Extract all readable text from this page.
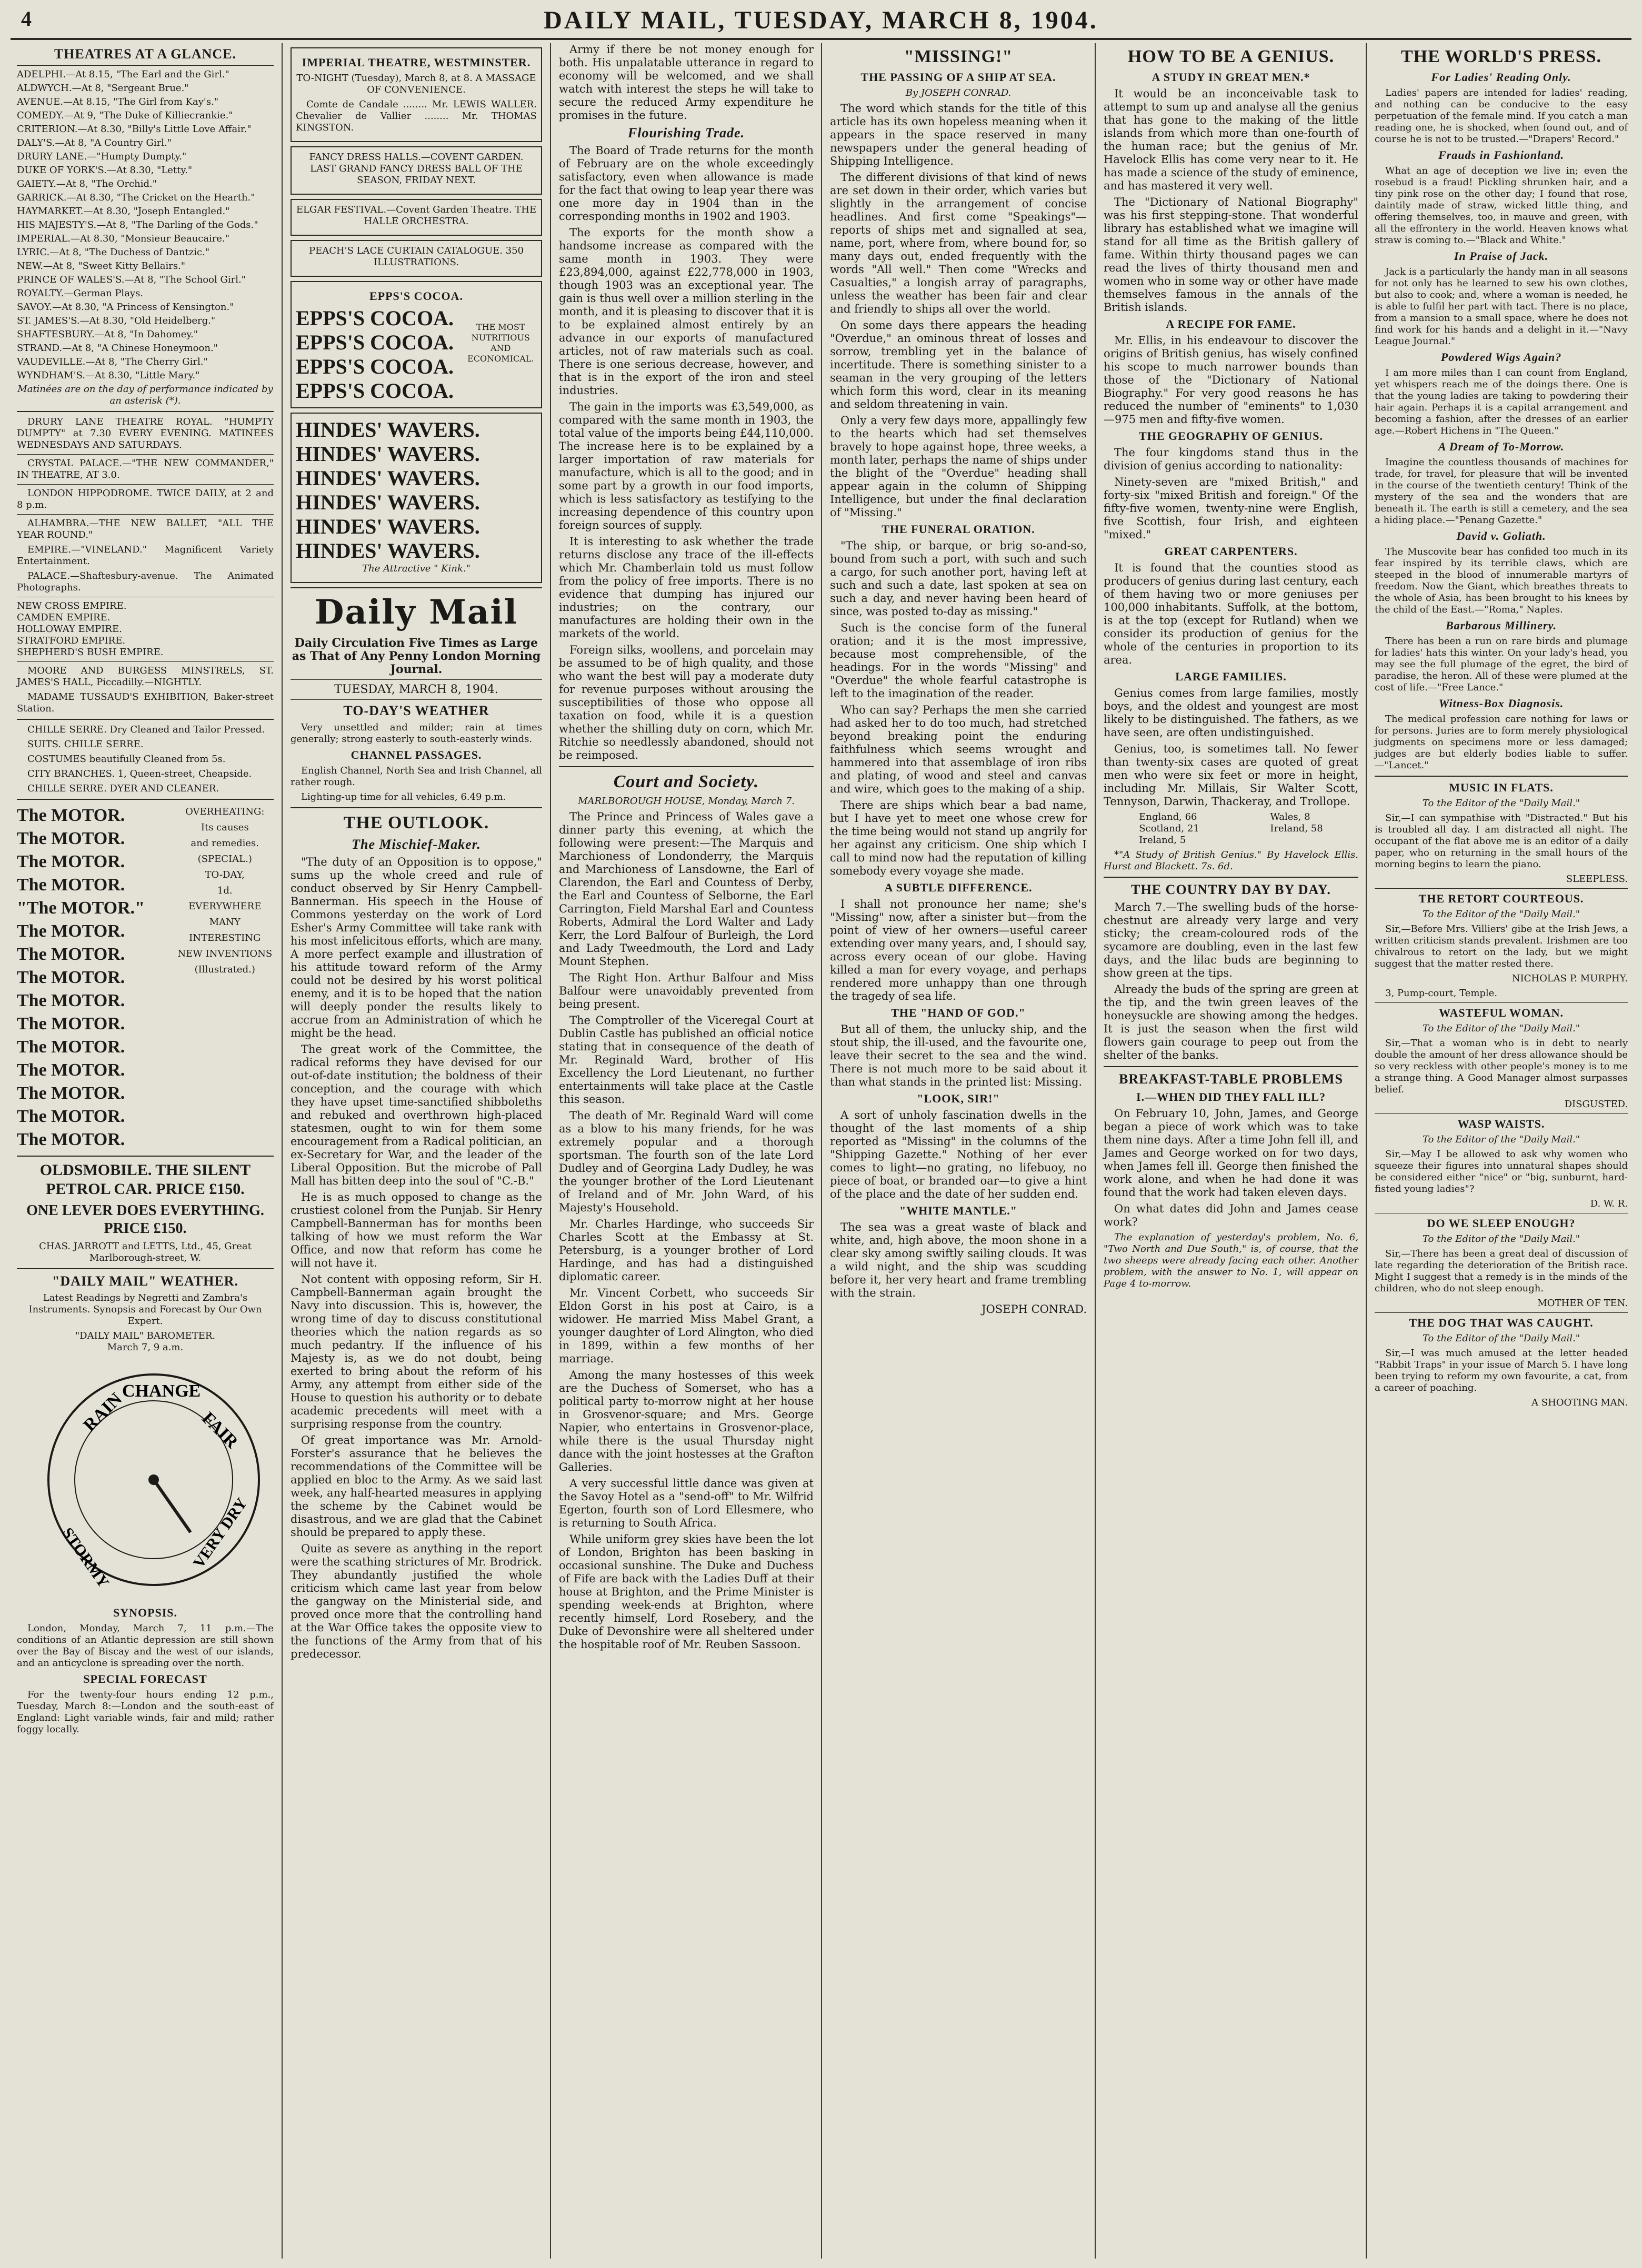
4	DAILY MAIL, TUESDAY, MARCH 8, 1904.
THEATRES AT A GLANCE.
ADELPHI.—At 8.15, "The Earl and the Girl."
ALDWYCH.—At 8, "Sergeant Brue."
AVENUE.—At 8.15, "The Girl from Kay's."
COMEDY.—At 9, "The Duke of Killiecrankie."
CRITERION.—At 8.30, "Billy's Little Love Affair."
DALY'S.—At 8, "A Country Girl."
DRURY LANE.—"Humpty Dumpty."
DUKE OF YORK'S.—At 8.30, "Letty."
GAIETY.—At 8, "The Orchid."
GARRICK.—At 8.30, "The Cricket on the Hearth."
HAYMARKET.—At 8.30, "Joseph Entangled."
HIS MAJESTY'S.—At 8, "The Darling of the Gods."
IMPERIAL.—At 8.30, "Monsieur Beaucaire."
LYRIC.—At 8, "The Duchess of Dantzic."
NEW.—At 8, "Sweet Kitty Bellairs."
PRINCE OF WALES'S.—At 8, "The School Girl."
ROYALTY.—German Plays.
SAVOY.—At 8.30, "A Princess of Kensington."
ST. JAMES'S.—At 8.30, "Old Heidelberg."
SHAFTESBURY.—At 8, "In Dahomey."
STRAND.—At 8, "A Chinese Honeymoon."
VAUDEVILLE.—At 8, "The Cherry Girl."
WYNDHAM'S.—At 8.30, "Little Mary."

Matinées are on the day of performance indicated by an asterisk (*).

DRURY LANE THEATRE ROYAL. "HUMPTY DUMPTY" at 7.30 EVERY EVENING. MATINEES WEDNESDAYS AND SATURDAYS.

CRYSTAL PALACE.—"THE NEW COMMANDER," IN THEATRE, AT 3.0.

LONDON HIPPODROME. TWICE DAILY, at 2 and 8 p.m.

ALHAMBRA.—THE NEW BALLET, "ALL THE YEAR ROUND."

EMPIRE.—"VINELAND." Magnificent Variety Entertainment.

PALACE.—Shaftesbury-avenue. The Animated Photographs.

NEW CROSS EMPIRE.
CAMDEN EMPIRE.
HOLLOWAY EMPIRE.
STRATFORD EMPIRE.
SHEPHERD'S BUSH EMPIRE.

MOORE AND BURGESS MINSTRELS, ST. JAMES'S HALL, Piccadilly.—NIGHTLY.

MADAME TUSSAUD'S EXHIBITION, Baker-street Station.

CHILLE SERRE. Dry Cleaned and Tailor Pressed.

SUITS. CHILLE SERRE.

COSTUMES beautifully Cleaned from 5s.

CITY BRANCHES. 1, Queen-street, Cheapside.

CHILLE SERRE. DYER AND CLEANER.

The MOTOR.
The MOTOR.
The MOTOR.
The MOTOR.
"The MOTOR."
The MOTOR.
The MOTOR.
The MOTOR.
The MOTOR.
The MOTOR.
The MOTOR.
The MOTOR.
The MOTOR.
The MOTOR.
The MOTOR.
OVERHEATING:
Its causes
and remedies.
(SPECIAL.)
TO-DAY,
1d.
EVERYWHERE
MANY
INTERESTING
NEW INVENTIONS
(Illustrated.)

OLDSMOBILE. THE SILENT PETROL CAR. PRICE £150.

ONE LEVER DOES EVERYTHING. PRICE £150.

CHAS. JARROTT and LETTS, Ltd., 45, Great Marlborough-street, W.

"DAILY MAIL" WEATHER.

Latest Readings by Negretti and Zambra's Instruments. Synopsis and Forecast by Our Own Expert.

"DAILY MAIL" BAROMETER.
March 7, 9 a.m.
RAIN
CHANGE
FAIR
STORMY	VERY DRY
SYNOPSIS.

London, Monday, March 7, 11 p.m.—The conditions of an Atlantic depression are still shown over the Bay of Biscay and the west of our islands, and an anticyclone is spreading over the north.

SPECIAL FORECAST

For the twenty-four hours ending 12 p.m., Tuesday, March 8:—London and the south-east of England: Light variable winds, fair and mild; rather foggy locally.

IMPERIAL THEATRE, WESTMINSTER.

TO-NIGHT (Tuesday), March 8, at 8. A MASSAGE OF CONVENIENCE.

Comte de Candale ........ Mr. LEWIS WALLER. Chevalier de Vallier ........ Mr. THOMAS KINGSTON.

FANCY DRESS HALLS.—COVENT GARDEN. LAST GRAND FANCY DRESS BALL OF THE SEASON, FRIDAY NEXT.

ELGAR FESTIVAL.—Covent Garden Theatre. THE HALLE ORCHESTRA.

PEACH'S LACE CURTAIN CATALOGUE. 350 ILLUSTRATIONS.

EPPS'S COCOA.
EPPS'S COCOA.
EPPS'S COCOA.
EPPS'S COCOA.
EPPS'S COCOA.
THE MOST NUTRITIOUS AND ECONOMICAL.
HINDES' WAVERS.
HINDES' WAVERS.
HINDES' WAVERS.
HINDES' WAVERS.
HINDES' WAVERS.
HINDES' WAVERS.

The Attractive " Kink."

Daily Mail

Daily Circulation Five Times as Large as That of Any Penny London Morning Journal.

TUESDAY, MARCH 8, 1904.

TO-DAY'S WEATHER

Very unsettled and milder; rain at times generally; strong easterly to south-easterly winds.

CHANNEL PASSAGES.

English Channel, North Sea and Irish Channel, all rather rough.

Lighting-up time for all vehicles, 6.49 p.m.

THE OUTLOOK.
The Mischief-Maker.

"The duty of an Opposition is to oppose," sums up the whole creed and rule of conduct observed by Sir Henry Campbell-Bannerman. His speech in the House of Commons yesterday on the work of Lord Esher's Army Committee will take rank with his most infelicitous efforts, which are many. A more perfect example and illustration of his attitude toward reform of the Army could not be desired by his worst political enemy, and it is to be hoped that the nation will deeply ponder the results likely to accrue from an Administration of which he might be the head.

The great work of the Committee, the radical reforms they have devised for our out-of-date institution; the boldness of their conception, and the courage with which they have upset time-sanctified shibboleths and rebuked and overthrown high-placed statesmen, ought to win for them some encouragement from a Radical politician, an ex-Secretary for War, and the leader of the Liberal Opposition. But the microbe of Pall Mall has bitten deep into the soul of "C.-B."

He is as much opposed to change as the crustiest colonel from the Punjab. Sir Henry Campbell-Bannerman has for months been talking of how we must reform the War Office, and now that reform has come he will not have it.

Not content with opposing reform, Sir H. Campbell-Bannerman again brought the Navy into discussion. This is, however, the wrong time of day to discuss constitutional theories which the nation regards as so much pedantry. If the influence of his Majesty is, as we do not doubt, being exerted to bring about the reform of his Army, any attempt from either side of the House to question his authority or to debate academic precedents will meet with a surprising response from the country.

Of great importance was Mr. Arnold-Forster's assurance that he believes the recommendations of the Committee will be applied en bloc to the Army. As we said last week, any half-hearted measures in applying the scheme by the Cabinet would be disastrous, and we are glad that the Cabinet should be prepared to apply these.

Quite as severe as anything in the report were the scathing strictures of Mr. Brodrick. They abundantly justified the whole criticism which came last year from below the gangway on the Ministerial side, and proved once more that the controlling hand at the War Office takes the opposite view to the functions of the Army from that of his predecessor.

Army if there be not money enough for both. His unpalatable utterance in regard to economy will be welcomed, and we shall watch with interest the steps he will take to secure the reduced Army expenditure he promises in the future.

Flourishing Trade.

The Board of Trade returns for the month of February are on the whole exceedingly satisfactory, even when allowance is made for the fact that owing to leap year there was one more day in 1904 than in the corresponding months in 1902 and 1903.

The exports for the month show a handsome increase as compared with the same month in 1903. They were £23,894,000, against £22,778,000 in 1903, though 1903 was an exceptional year. The gain is thus well over a million sterling in the month, and it is pleasing to discover that it is to be explained almost entirely by an advance in our exports of manufactured articles, not of raw materials such as coal. There is one serious decrease, however, and that is in the export of the iron and steel industries.

The gain in the imports was £3,549,000, as compared with the same month in 1903, the total value of the imports being £44,110,000. The increase here is to be explained by a larger importation of raw materials for manufacture, which is all to the good; and in some part by a growth in our food imports, which is less satisfactory as testifying to the increasing dependence of this country upon foreign sources of supply.

It is interesting to ask whether the trade returns disclose any trace of the ill-effects which Mr. Chamberlain told us must follow from the policy of free imports. There is no evidence that dumping has injured our industries; on the contrary, our manufactures are holding their own in the markets of the world.

Foreign silks, woollens, and porcelain may be assumed to be of high quality, and those who want the best will pay a moderate duty for revenue purposes without arousing the susceptibilities of those who oppose all taxation on food, while it is a question whether the shilling duty on corn, which Mr. Ritchie so needlessly abandoned, should not be reimposed.

Court and Society.

MARLBOROUGH HOUSE, Monday, March 7.

The Prince and Princess of Wales gave a dinner party this evening, at which the following were present:—The Marquis and Marchioness of Londonderry, the Marquis and Marchioness of Lansdowne, the Earl of Clarendon, the Earl and Countess of Derby, the Earl and Countess of Selborne, the Earl Carrington, Field Marshal Earl and Countess Roberts, Admiral the Lord Walter and Lady Kerr, the Lord Balfour of Burleigh, the Lord and Lady Tweedmouth, the Lord and Lady Mount Stephen.

The Right Hon. Arthur Balfour and Miss Balfour were unavoidably prevented from being present.

The Comptroller of the Viceregal Court at Dublin Castle has published an official notice stating that in consequence of the death of Mr. Reginald Ward, brother of His Excellency the Lord Lieutenant, no further entertainments will take place at the Castle this season.

The death of Mr. Reginald Ward will come as a blow to his many friends, for he was extremely popular and a thorough sportsman. The fourth son of the late Lord Dudley and of Georgina Lady Dudley, he was the younger brother of the Lord Lieutenant of Ireland and of Mr. John Ward, of his Majesty's Household.

Mr. Charles Hardinge, who succeeds Sir Charles Scott at the Embassy at St. Petersburg, is a younger brother of Lord Hardinge, and has had a distinguished diplomatic career.

Mr. Vincent Corbett, who succeeds Sir Eldon Gorst in his post at Cairo, is a widower. He married Miss Mabel Grant, a younger daughter of Lord Alington, who died in 1899, within a few months of her marriage.

Among the many hostesses of this week are the Duchess of Somerset, who has a political party to-morrow night at her house in Grosvenor-square; and Mrs. George Napier, who entertains in Grosvenor-place, while there is the usual Thursday night dance with the joint hostesses at the Grafton Galleries.

A very successful little dance was given at the Savoy Hotel as a "send-off" to Mr. Wilfrid Egerton, fourth son of Lord Ellesmere, who is returning to South Africa.

While uniform grey skies have been the lot of London, Brighton has been basking in occasional sunshine. The Duke and Duchess of Fife are back with the Ladies Duff at their house at Brighton, and the Prime Minister is spending week-ends at Brighton, where recently himself, Lord Rosebery, and the Duke of Devonshire were all sheltered under the hospitable roof of Mr. Reuben Sassoon.

"MISSING!"
THE PASSING OF A SHIP AT SEA.

By JOSEPH CONRAD.

The word which stands for the title of this article has its own hopeless meaning when it appears in the space reserved in many newspapers under the general heading of Shipping Intelligence.

The different divisions of that kind of news are set down in their order, which varies but slightly in the arrangement of concise headlines. And first come "Speakings"—reports of ships met and signalled at sea, name, port, where from, where bound for, so many days out, ended frequently with the words "All well." Then come "Wrecks and Casualties," a longish array of paragraphs, unless the weather has been fair and clear and friendly to ships all over the world.

On some days there appears the heading "Overdue," an ominous threat of losses and sorrow, trembling yet in the balance of incertitude. There is something sinister to a seaman in the very grouping of the letters which form this word, clear in its meaning and seldom threatening in vain.

Only a very few days more, appallingly few to the hearts which had set themselves bravely to hope against hope, three weeks, a month later, perhaps the name of ships under the blight of the "Overdue" heading shall appear again in the column of Shipping Intelligence, but under the final declaration of "Missing."

THE FUNERAL ORATION.

"The ship, or barque, or brig so-and-so, bound from such a port, with such and such a cargo, for such another port, having left at such and such a date, last spoken at sea on such a day, and never having been heard of since, was posted to-day as missing."

Such is the concise form of the funeral oration; and it is the most impressive, because most comprehensible, of the headings. For in the words "Missing" and "Overdue" the whole fearful catastrophe is left to the imagination of the reader.

Who can say? Perhaps the men she carried had asked her to do too much, had stretched beyond breaking point the enduring faithfulness which seems wrought and hammered into that assemblage of iron ribs and plating, of wood and steel and canvas and wire, which goes to the making of a ship.

There are ships which bear a bad name, but I have yet to meet one whose crew for the time being would not stand up angrily for her against any criticism. One ship which I call to mind now had the reputation of killing somebody every voyage she made.

A SUBTLE DIFFERENCE.

I shall not pronounce her name; she's "Missing" now, after a sinister but—from the point of view of her owners—useful career extending over many years, and, I should say, across every ocean of our globe. Having killed a man for every voyage, and perhaps rendered more unhappy than one through the tragedy of sea life.

THE "HAND OF GOD."

But all of them, the unlucky ship, and the stout ship, the ill-used, and the favourite one, leave their secret to the sea and the wind. There is not much more to be said about it than what stands in the printed list: Missing.

"LOOK, SIR!"

A sort of unholy fascination dwells in the thought of the last moments of a ship reported as "Missing" in the columns of the "Shipping Gazette." Nothing of her ever comes to light—no grating, no lifebuoy, no piece of boat, or branded oar—to give a hint of the place and the date of her sudden end.

"WHITE MANTLE."

The sea was a great waste of black and white, and, high above, the moon shone in a clear sky among swiftly sailing clouds. It was a wild night, and the ship was scudding before it, her very heart and frame trembling with the strain.

JOSEPH CONRAD.

HOW TO BE A GENIUS.
A STUDY IN GREAT MEN.*

It would be an inconceivable task to attempt to sum up and analyse all the genius that has gone to the making of the little islands from which more than one-fourth of the human race; but the genius of Mr. Havelock Ellis has come very near to it. He has made a science of the study of eminence, and has mastered it very well.

The "Dictionary of National Biography" was his first stepping-stone. That wonderful library has established what we imagine will stand for all time as the British gallery of fame. Within thirty thousand pages we can read the lives of thirty thousand men and women who in some way or other have made themselves famous in the annals of the British islands.

A RECIPE FOR FAME.

Mr. Ellis, in his endeavour to discover the origins of British genius, has wisely confined his scope to much narrower bounds than those of the "Dictionary of National Biography." For very good reasons he has reduced the number of "eminents" to 1,030—975 men and fifty-five women.

THE GEOGRAPHY OF GENIUS.

The four kingdoms stand thus in the division of genius according to nationality:

Ninety-seven are "mixed British," and forty-six "mixed British and foreign." Of the fifty-five women, twenty-nine were English, five Scottish, four Irish, and eighteen "mixed."

GREAT CARPENTERS.

It is found that the counties stood as producers of genius during last century, each of them having two or more geniuses per 100,000 inhabitants. Suffolk, at the bottom, is at the top (except for Rutland) when we consider its production of genius for the whole of the centuries in proportion to its area.

LARGE FAMILIES.

Genius comes from large families, mostly boys, and the oldest and youngest are most likely to be distinguished. The fathers, as we have seen, are often undistinguished.

Genius, too, is sometimes tall. No fewer than twenty-six cases are quoted of great men who were six feet or more in height, including Mr. Millais, Sir Walter Scott, Tennyson, Darwin, Thackeray, and Trollope.

England, 66
Scotland, 21
Ireland, 5
Wales, 8
Ireland, 58

*"A Study of British Genius." By Havelock Ellis. Hurst and Blackett. 7s. 6d.

THE COUNTRY DAY BY DAY.

March 7.—The swelling buds of the horse-chestnut are already very large and very sticky; the cream-coloured rods of the sycamore are doubling, even in the last few days, and the lilac buds are beginning to show green at the tips.

Already the buds of the spring are green at the tip, and the twin green leaves of the honeysuckle are showing among the hedges. It is just the season when the first wild flowers gain courage to peep out from the shelter of the banks.

BREAKFAST-TABLE PROBLEMS
I.—WHEN DID THEY FALL ILL?

On February 10, John, James, and George began a piece of work which was to take them nine days. After a time John fell ill, and James and George worked on for two days, when James fell ill. George then finished the work alone, and when he had done it was found that the work had taken eleven days.

On what dates did John and James cease work?

The explanation of yesterday's problem, No. 6, "Two North and Due South," is, of course, that the two sheeps were already facing each other. Another problem, with the answer to No. 1, will appear on Page 4 to-morrow.

THE WORLD'S PRESS.
For Ladies' Reading Only.

Ladies' papers are intended for ladies' reading, and nothing can be conducive to the easy perpetuation of the female mind. If you catch a man reading one, he is shocked, when found out, and of course he is not to be trusted.—"Drapers' Record."

Frauds in Fashionland.

What an age of deception we live in; even the rosebud is a fraud! Pickling shrunken hair, and a tiny pink rose on the other day; I found that rose, daintily made of straw, wicked little thing, and offering themselves, too, in mauve and green, with all the effrontery in the world. Heaven knows what straw is coming to.—"Black and White."

In Praise of Jack.

Jack is a particularly the handy man in all seasons for not only has he learned to sew his own clothes, but also to cook; and, where a woman is needed, he is able to fulfil her part with tact. There is no place, from a mansion to a small space, where he does not find work for his hands and a delight in it.—"Navy League Journal."

Powdered Wigs Again?

I am more miles than I can count from England, yet whispers reach me of the doings there. One is that the young ladies are taking to powdering their hair again. Perhaps it is a capital arrangement and becoming a fashion, after the dresses of an earlier age.—Robert Hichens in "The Queen."

A Dream of To-Morrow.

Imagine the countless thousands of machines for trade, for travel, for pleasure that will be invented in the course of the twentieth century! Think of the mystery of the sea and the wonders that are beneath it. The earth is still a cemetery, and the sea a hiding place.—"Penang Gazette."

David v. Goliath.

The Muscovite bear has confided too much in its fear inspired by its terrible claws, which are steeped in the blood of innumerable martyrs of freedom. Now the Giant, which breathes threats to the whole of Asia, has been brought to his knees by the child of the East.—"Roma," Naples.

Barbarous Millinery.

There has been a run on rare birds and plumage for ladies' hats this winter. On your lady's head, you may see the full plumage of the egret, the bird of paradise, the heron. All of these were plumed at the cost of life.—"Free Lance."

Witness-Box Diagnosis.

The medical profession care nothing for laws or for persons. Juries are to form merely physiological judgments on specimens more or less damaged; judges are but elderly bodies liable to suffer.—"Lancet."

MUSIC IN FLATS.

To the Editor of the "Daily Mail."

Sir,—I can sympathise with "Distracted." But his is troubled all day. I am distracted all night. The occupant of the flat above me is an editor of a daily paper, who on returning in the small hours of the morning begins to learn the piano.

SLEEPLESS.

THE RETORT COURTEOUS.

To the Editor of the "Daily Mail."

Sir,—Before Mrs. Villiers' gibe at the Irish Jews, a written criticism stands prevalent. Irishmen are too chivalrous to retort on the lady, but we might suggest that the matter rested there.

NICHOLAS P. MURPHY.

3, Pump-court, Temple.

WASTEFUL WOMAN.

To the Editor of the "Daily Mail."

Sir,—That a woman who is in debt to nearly double the amount of her dress allowance should be so very reckless with other people's money is to me a strange thing. A Good Manager almost surpasses belief.

DISGUSTED.

WASP WAISTS.

To the Editor of the "Daily Mail."

Sir,—May I be allowed to ask why women who squeeze their figures into unnatural shapes should be considered either "nice" or "big, sunburnt, hard-fisted young ladies"?

D. W. R.

DO WE SLEEP ENOUGH?

To the Editor of the "Daily Mail."

Sir,—There has been a great deal of discussion of late regarding the deterioration of the British race. Might I suggest that a remedy is in the minds of the children, who do not sleep enough.

MOTHER OF TEN.

THE DOG THAT WAS CAUGHT.

To the Editor of the "Daily Mail."

Sir,—I was much amused at the letter headed "Rabbit Traps" in your issue of March 5. I have long been trying to reform my own favourite, a cat, from a career of poaching.

A SHOOTING MAN.
